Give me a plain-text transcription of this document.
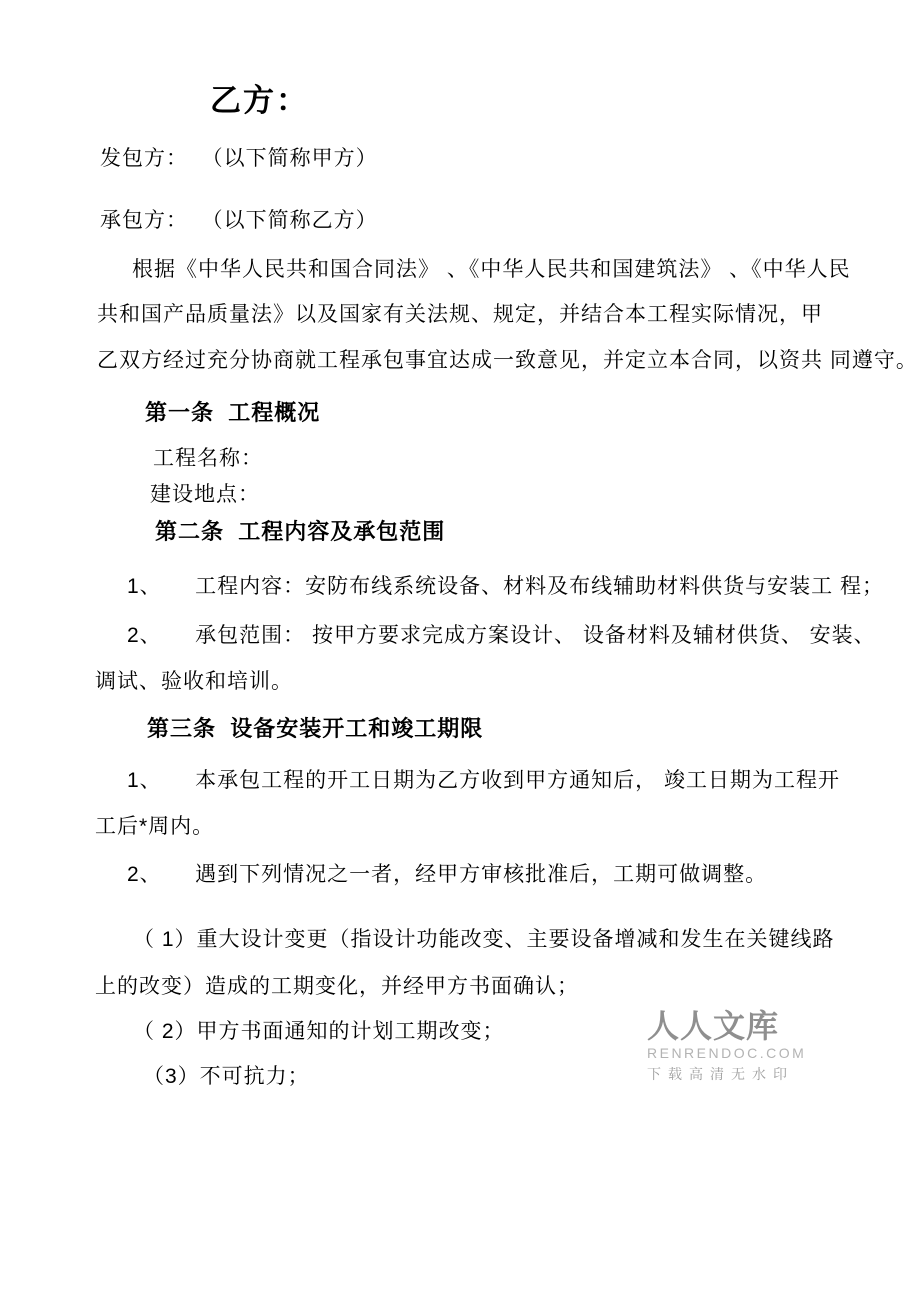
乙方：
发包方：  （以下简称甲方）
承包方：  （以下简称乙方）
根据《中华人民共和国合同法》 、《中华人民共和国建筑法》 、《中华人民
共和国产品质量法》以及国家有关法规、规定，并结合本工程实际情况，甲
乙双方经过充分协商就工程承包事宜达成一致意见，并定立本合同，以资共 同遵守。
第一条  工程概况
工程名称：
建设地点：
第二条  工程内容及承包范围
1、　　工程内容：安防布线系统设备、材料及布线辅助材料供货与安装工 程；
2、　　承包范围： 按甲方要求完成方案设计、 设备材料及辅材供货、 安装、
调试、验收和培训。
第三条  设备安装开工和竣工期限
1、　　本承包工程的开工日期为乙方收到甲方通知后， 竣工日期为工程开
工后*周内。
2、　　遇到下列情况之一者，经甲方审核批准后，工期可做调整。
（ 1）重大设计变更（指设计功能改变、主要设备增减和发生在关键线路
上的改变）造成的工期变化，并经甲方书面确认；
（ 2）甲方书面通知的计划工期改变；
（3）不可抗力；
人人文库
RENRENDOC.COM
下载高清无水印
